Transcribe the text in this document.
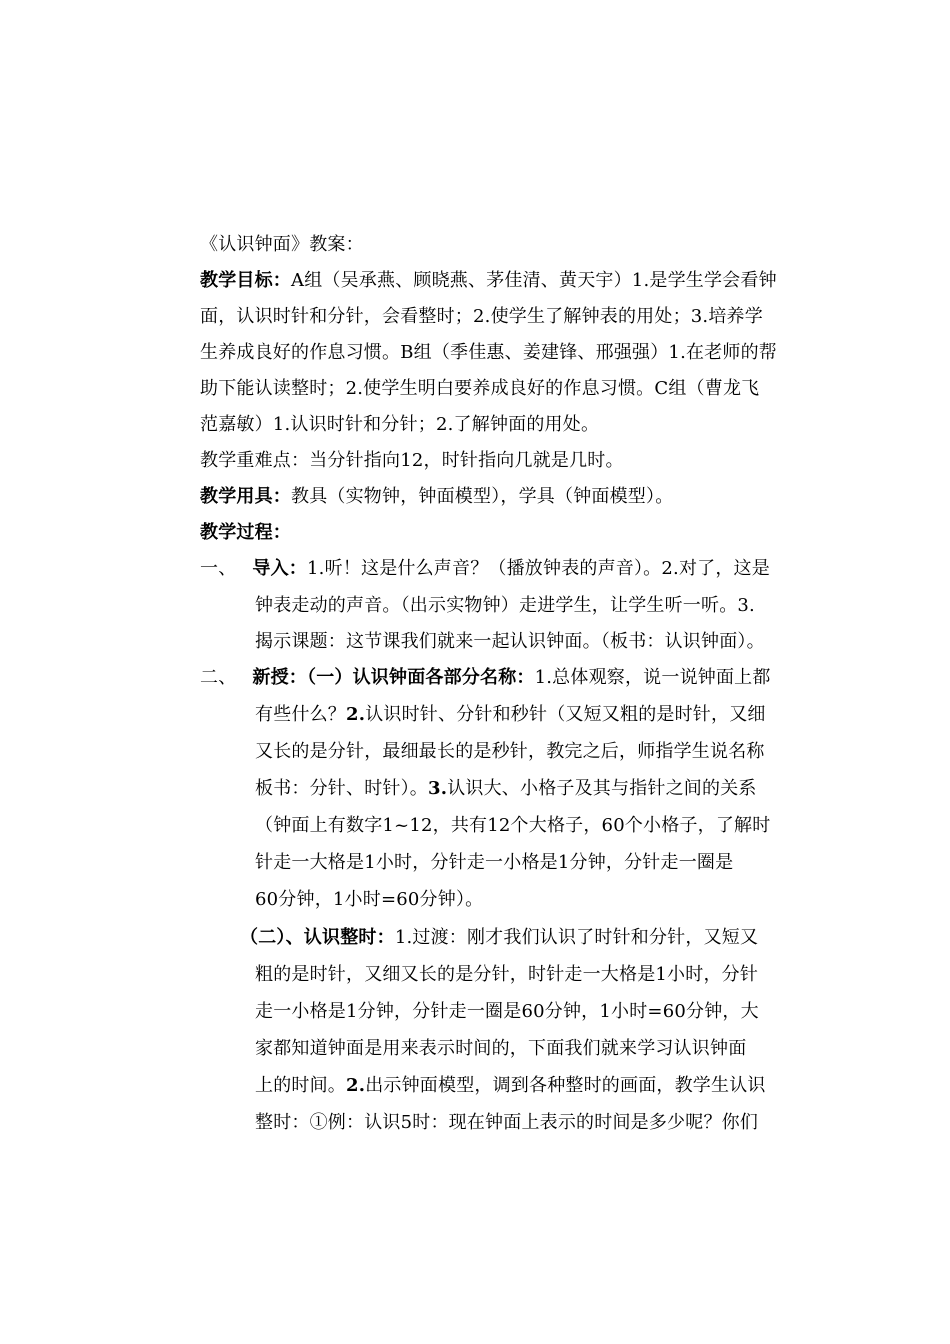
《认识钟面》教案：
教学目标：A组（吴承燕、顾晓燕、茅佳清、黄天宇）1.是学生学会看钟
面，认识时针和分针，会看整时；2.使学生了解钟表的用处；3.培养学
生养成良好的作息习惯。B组（季佳惠、姜建锋、邢强强）1.在老师的帮
助下能认读整时；2.使学生明白要养成良好的作息习惯。C组（曹龙飞
范嘉敏）1.认识时针和分针；2.了解钟面的用处。
教学重难点：当分针指向12，时针指向几就是几时。
教学用具：教具（实物钟，钟面模型），学具（钟面模型）。
教学过程：
一、 导入：1.听！这是什么声音？（播放钟表的声音）。2.对了，这是
钟表走动的声音。（出示实物钟）走进学生，让学生听一听。3.
揭示课题：这节课我们就来一起认识钟面。（板书：认识钟面）。
二、 新授：（一）认识钟面各部分名称：1.总体观察，说一说钟面上都
有些什么？2.认识时针、分针和秒针（又短又粗的是时针，又细
又长的是分针，最细最长的是秒针，教完之后，师指学生说名称
板书：分针、时针）。3.认识大、小格子及其与指针之间的关系
（钟面上有数字1~12，共有12个大格子，60个小格子，了解时
针走一大格是1小时，分针走一小格是1分钟，分针走一圈是
60分钟，1小时=60分钟）。
（二）、认识整时：1.过渡：刚才我们认识了时针和分针，又短又
粗的是时针，又细又长的是分针，时针走一大格是1小时，分针
走一小格是1分钟，分针走一圈是60分钟，1小时=60分钟，大
家都知道钟面是用来表示时间的，下面我们就来学习认识钟面
上的时间。2.出示钟面模型，调到各种整时的画面，教学生认识
整时：①例：认识5时：现在钟面上表示的时间是多少呢？你们
